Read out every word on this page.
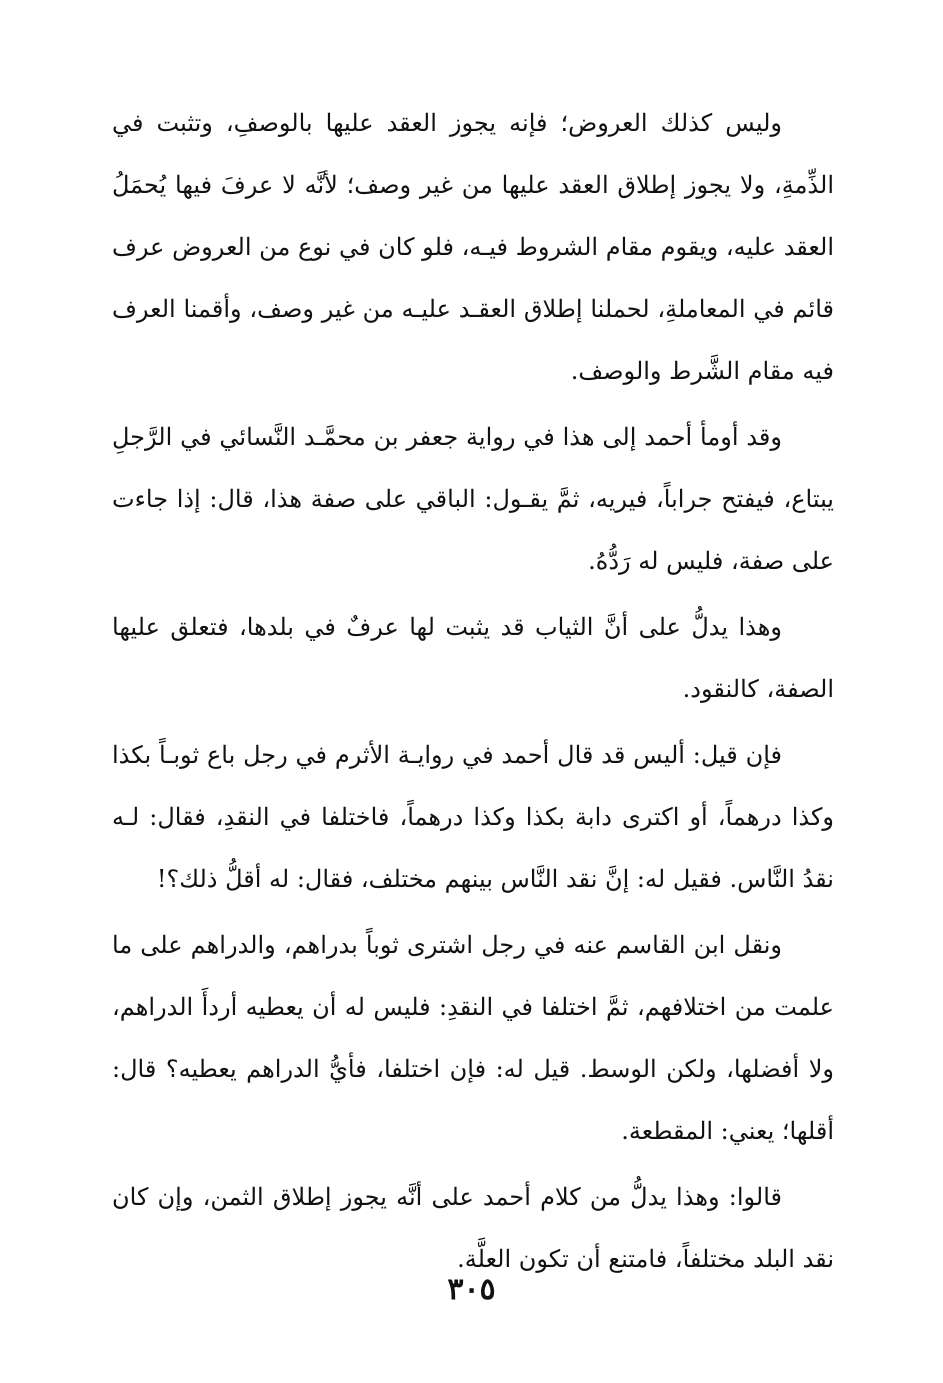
وليس كذلك العروض؛ فإنه يجوز العقد عليها بالوصفِ، وتثبت في الذِّمةِ، ولا يجوز إطلاق العقد عليها من غير وصف؛ لأنَّه لا عرفَ فيها يُحمَلُ العقد عليه، ويقوم مقام الشروط فيـه، فلو كان في نوع من العروض عرف قائم في المعاملةِ، لحملنا إطلاق العقـد عليـه من غير وصف، وأقمنا العرف فيه مقام الشَّرط والوصف.

وقد أومأ أحمد إلى هذا في رواية جعفر بن محمَّـد النَّسائي في الرَّجلِ يبتاع، فيفتح جراباً، فيريه، ثمَّ يقـول: الباقي على صفة هذا، قال: إذا جاءت على صفة، فليس له رَدُّهُ.

وهذا يدلُّ على أنَّ الثياب قد يثبت لها عرفٌ في بلدها، فتعلق عليها الصفة، كالنقود.

فإن قيل: أليس قد قال أحمد في روايـة الأثرم في رجل باع ثوبـاً بكذا وكذا درهماً، أو اكترى دابة بكذا وكذا درهماً، فاختلفا في النقدِ، فقال: لـه نقدُ النَّاس. فقيل له: إنَّ نقد النَّاس بينهم مختلف، فقال: له أقلُّ ذلك؟!

ونقل ابن القاسم عنه في رجل اشترى ثوباً بدراهم، والدراهم على ما علمت من اختلافهم، ثمَّ اختلفا في النقدِ: فليس له أن يعطيه أردأَ الدراهم، ولا أفضلها، ولكن الوسط. قيل له: فإن اختلفا، فأيُّ الدراهم يعطيه؟ قال: أقلها؛ يعني: المقطعة.

قالوا: وهذا يدلُّ من كلام أحمد على أنَّه يجوز إطلاق الثمن، وإن كان نقد البلد مختلفاً، فامتنع أن تكون العلَّة.

٣٠٥
